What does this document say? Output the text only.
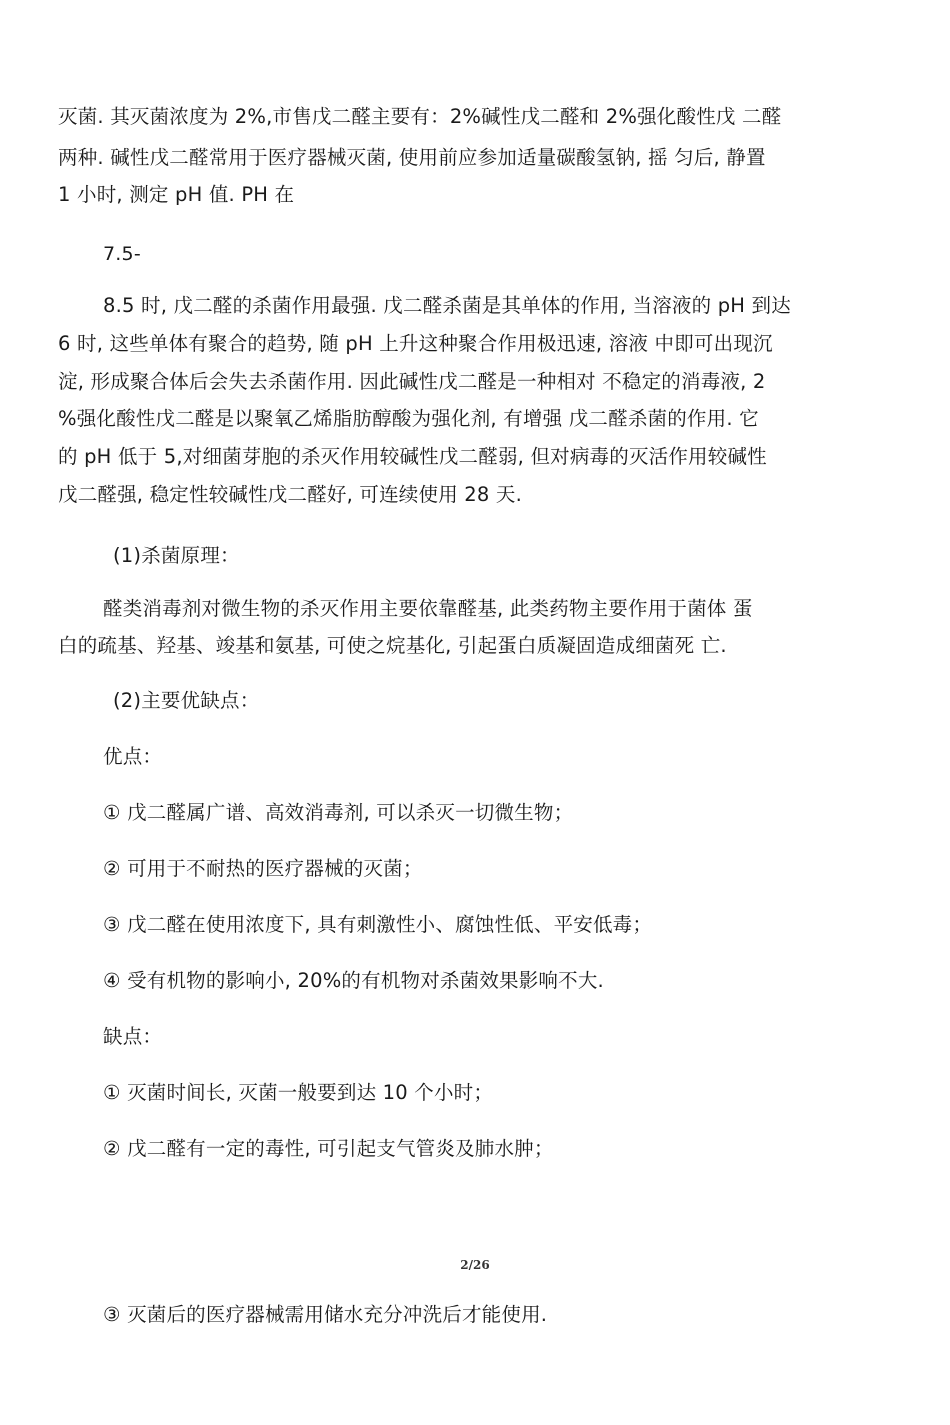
灭菌. 其灭菌浓度为 2%,市售戊二醛主要有：2%碱性戊二醛和 2%强化酸性戊 二醛
两种. 碱性戊二醛常用于医疗器械灭菌, 使用前应参加适量碳酸氢钠, 摇 匀后, 静置
1 小时, 测定 pH 值. PH 在
7.5-
8.5 时, 戊二醛的杀菌作用最强. 戊二醛杀菌是其单体的作用, 当溶液的 pH 到达
6 时, 这些单体有聚合的趋势, 随 pH 上升这种聚合作用极迅速, 溶液 中即可出现沉
淀, 形成聚合体后会失去杀菌作用. 因此碱性戊二醛是一种相对 不稳定的消毒液, 2
%强化酸性戊二醛是以聚氧乙烯脂肪醇酸为强化剂, 有增强 戊二醛杀菌的作用. 它
的 pH 低于 5,对细菌芽胞的杀灭作用较碱性戊二醛弱, 但对病毒的灭活作用较碱性
戊二醛强, 稳定性较碱性戊二醛好, 可连续使用 28 天.
(1)杀菌原理：
醛类消毒剂对微生物的杀灭作用主要依靠醛基, 此类药物主要作用于菌体 蛋
白的疏基、羟基、竣基和氨基, 可使之烷基化, 引起蛋白质凝固造成细菌死 亡.
(2)主要优缺点：
优点：
① 戊二醛属广谱、高效消毒剂, 可以杀灭一切微生物；
② 可用于不耐热的医疗器械的灭菌；
③ 戊二醛在使用浓度下, 具有刺激性小、腐蚀性低、平安低毒；
④ 受有机物的影响小, 20%的有机物对杀菌效果影响不大.
缺点：
① 灭菌时间长, 灭菌一般要到达 10 个小时；
② 戊二醛有一定的毒性, 可引起支气管炎及肺水肿；
2/26
③ 灭菌后的医疗器械需用储水充分冲洗后才能使用.
